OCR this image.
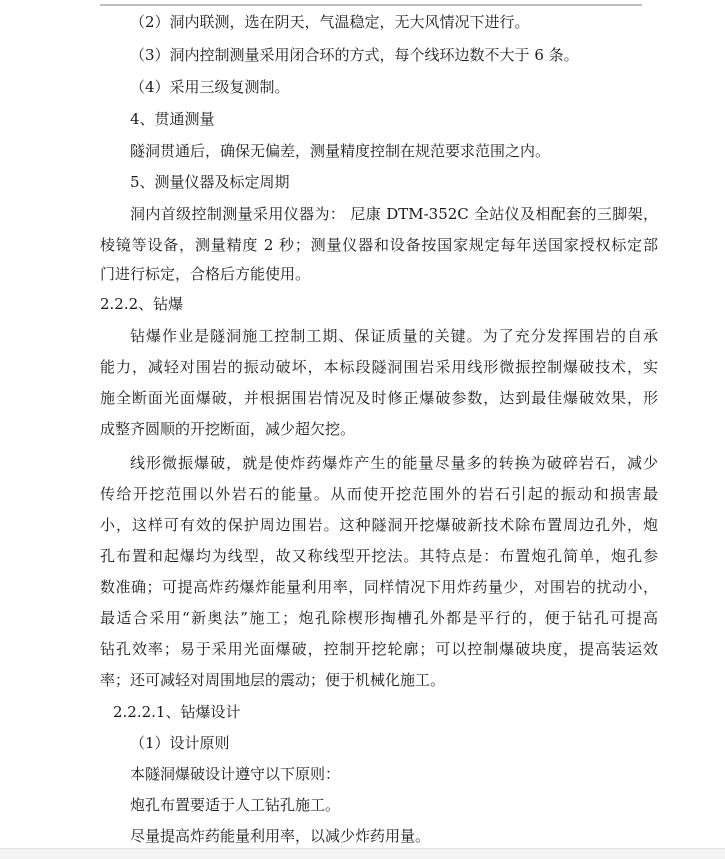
（2）洞内联测，选在阴天，气温稳定，无大风情况下进行。
（3）洞内控制测量采用闭合环的方式，每个线环边数不大于 6 条。
（4）采用三级复测制。
4、贯通测量
隧洞贯通后，确保无偏差，测量精度控制在规范要求范围之内。
5、测量仪器及标定周期
洞内首级控制测量采用仪器为： 尼康 DTM-352C 全站仪及相配套的三脚架，
棱镜等设备，测量精度 2 秒；测量仪器和设备按国家规定每年送国家授权标定部
门进行标定，合格后方能使用。
2.2.2、钻爆
钻爆作业是隧洞施工控制工期、保证质量的关键。为了充分发挥围岩的自承
能力，减轻对围岩的振动破坏，本标段隧洞围岩采用线形微振控制爆破技术，实
施全断面光面爆破，并根据围岩情况及时修正爆破参数，达到最佳爆破效果，形
成整齐圆顺的开挖断面，减少超欠挖。
线形微振爆破，就是使炸药爆炸产生的能量尽量多的转换为破碎岩石，减少
传给开挖范围以外岩石的能量。从而使开挖范围外的岩石引起的振动和损害最
小，这样可有效的保护周边围岩。这种隧洞开挖爆破新技术除布置周边孔外，炮
孔布置和起爆均为线型，故又称线型开挖法。其特点是：布置炮孔简单，炮孔参
数准确；可提高炸药爆炸能量利用率，同样情况下用炸药量少，对围岩的扰动小，
最适合采用“新奥法”施工；炮孔除楔形掏槽孔外都是平行的，便于钻孔可提高
钻孔效率；易于采用光面爆破，控制开挖轮廓；可以控制爆破块度，提高装运效
率；还可减轻对周围地层的震动；便于机械化施工。
2.2.2.1、钻爆设计
（1）设计原则
本隧洞爆破设计遵守以下原则：
炮孔布置要适于人工钻孔施工。
尽量提高炸药能量利用率，以减少炸药用量。
